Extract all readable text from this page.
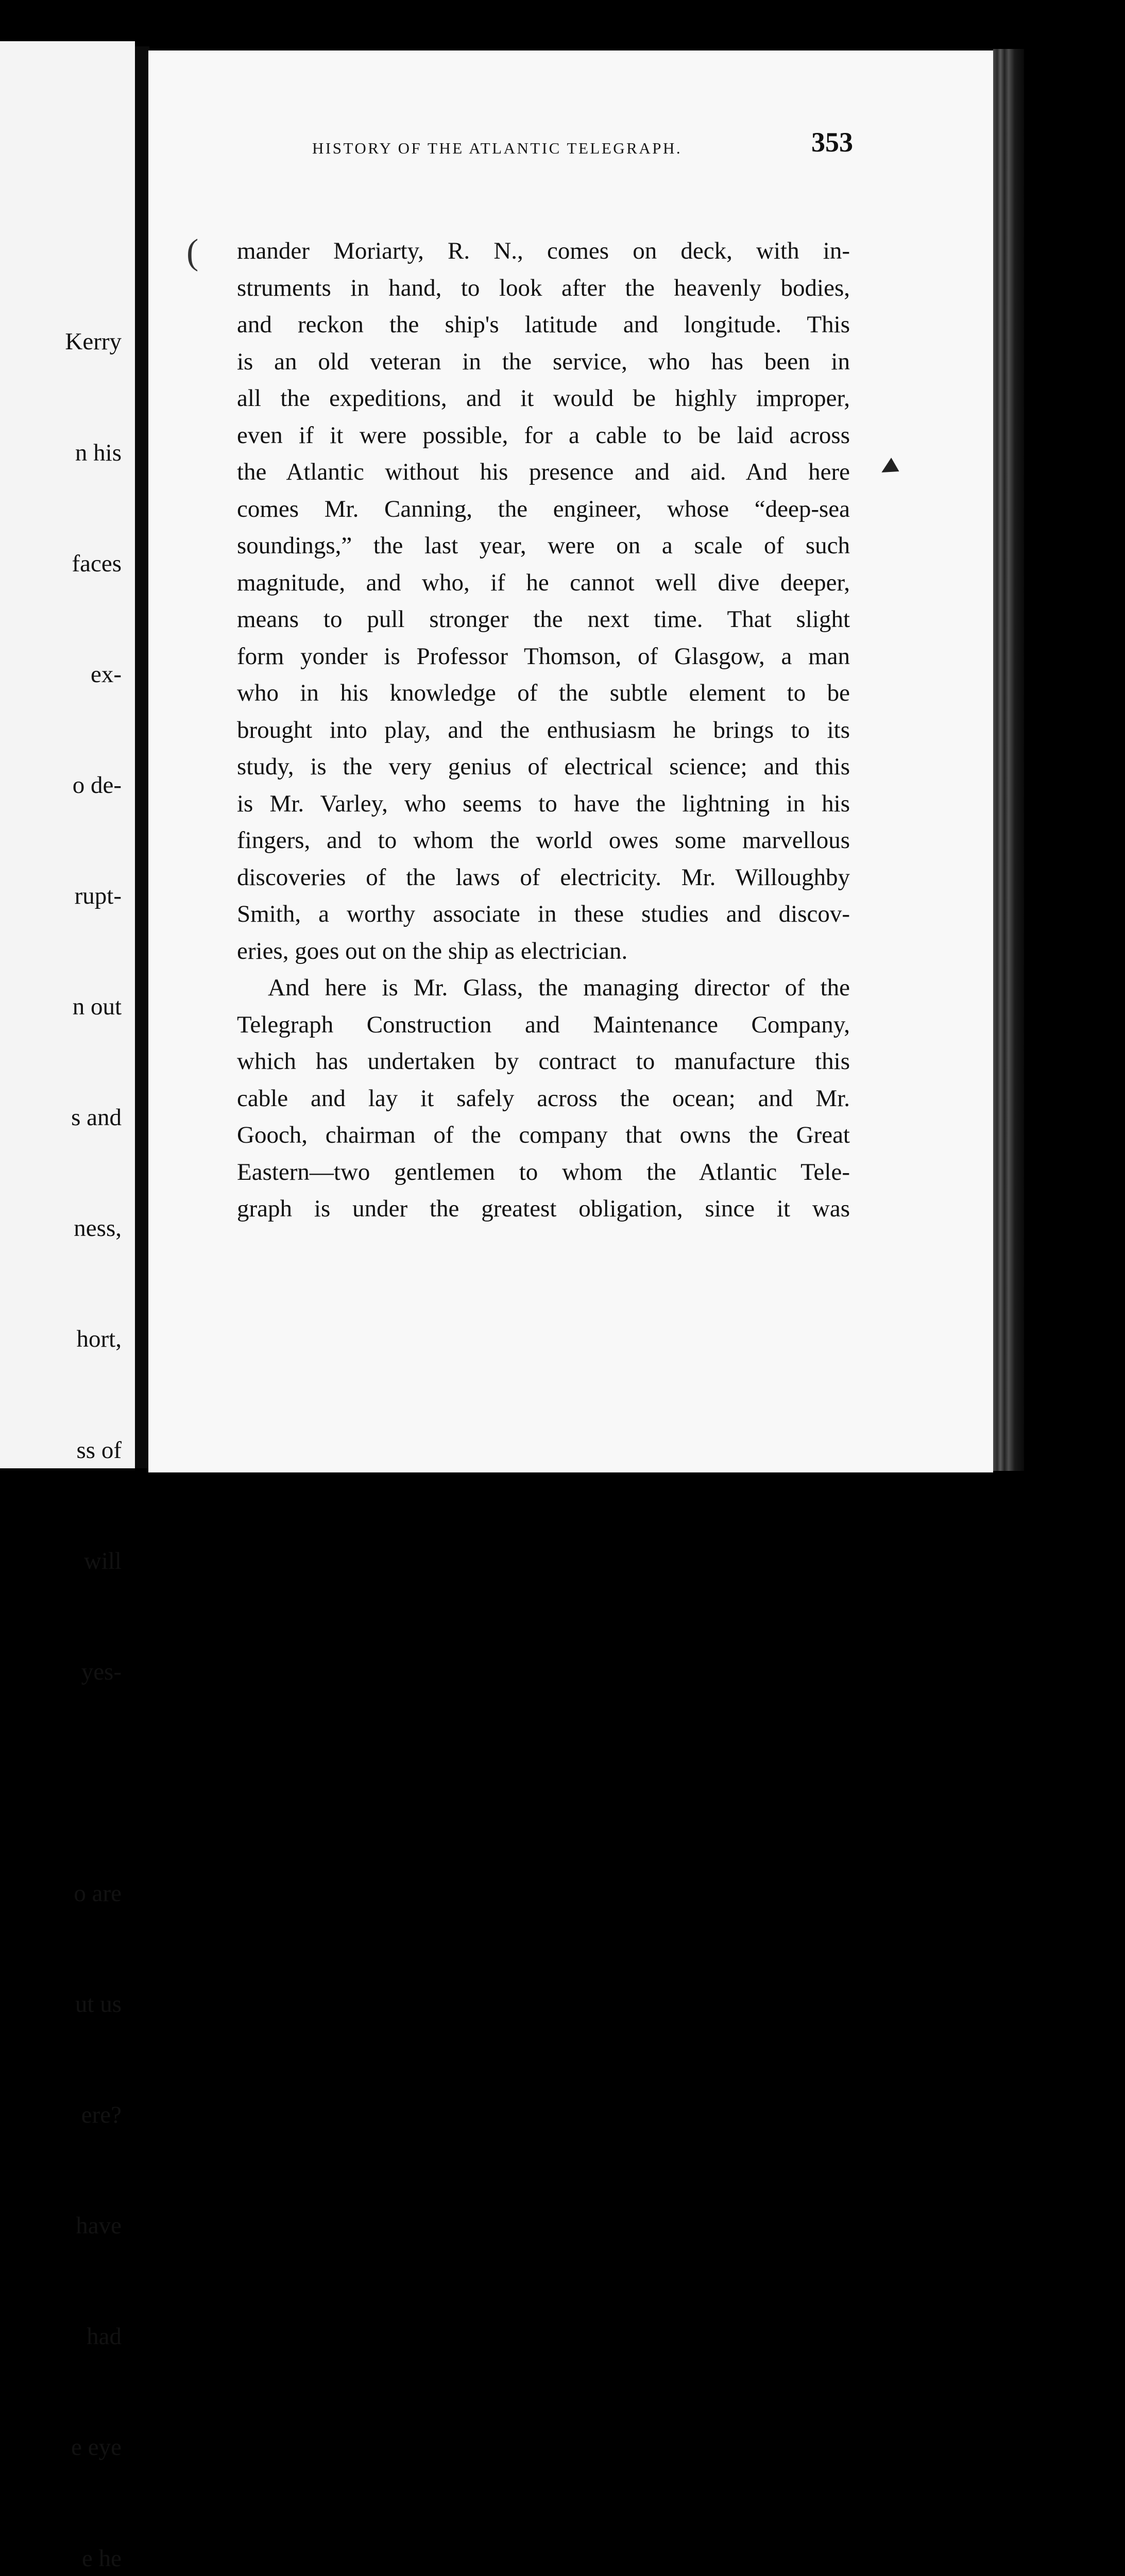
Kerry

n his

faces

ex-

o de-

rupt-

n out

s and

ness,

hort,

ss of

will

yes-

o are

ut us

ere?

have

had

e eye

e he

HISTORY OF THE ATLANTIC TELEGRAPH.	353
(
◀
mander Moriarty, R. N., comes on deck, with in-
struments in hand, to look after the heavenly bodies,
and reckon the ship's latitude and longitude. This
is an old veteran in the service, who has been in
all the expeditions, and it would be highly improper,
even if it were possible, for a cable to be laid across
the Atlantic without his presence and aid. And here
comes Mr. Canning, the engineer, whose “deep-sea
soundings,” the last year, were on a scale of such
magnitude, and who, if he cannot well dive deeper,
means to pull stronger the next time. That slight
form yonder is Professor Thomson, of Glasgow, a man
who in his knowledge of the subtle element to be
brought into play, and the enthusiasm he brings to its
study, is the very genius of electrical science; and this
is Mr. Varley, who seems to have the lightning in his
fingers, and to whom the world owes some marvellous
discoveries of the laws of electricity. Mr. Willoughby
Smith, a worthy associate in these studies and discov-
eries, goes out on the ship as electrician.
And here is Mr. Glass, the managing director of the
Telegraph Construction and Maintenance Company,
which has undertaken by contract to manufacture this
cable and lay it safely across the ocean; and Mr.
Gooch, chairman of the company that owns the Great
Eastern—two gentlemen to whom the Atlantic Tele-
graph is under the greatest obligation, since it was
